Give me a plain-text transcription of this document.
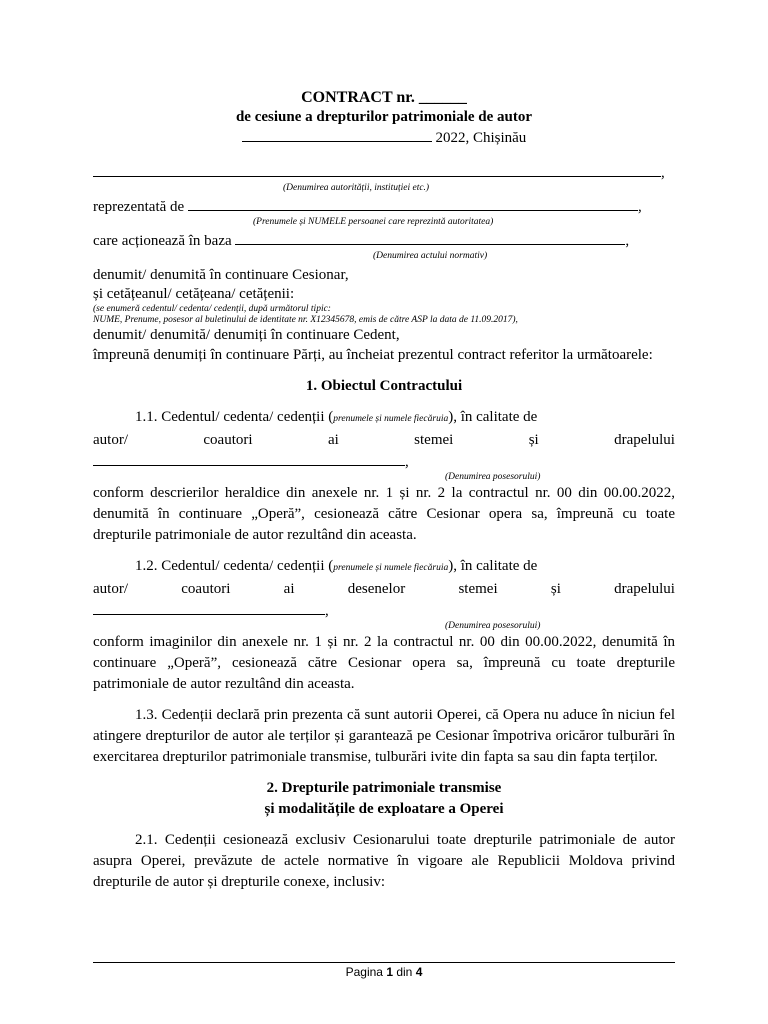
CONTRACT nr. ______
de cesiune a drepturilor patrimoniale de autor
2022, Chișinău
,
(Denumirea autorității, instituției etc.)
reprezentată de	,
(Prenumele și NUMELE persoanei care reprezintă autoritatea)
care acționează în baza	,
(Denumirea actului normativ)
denumit/ denumită în continuare Cesionar,
și cetățeanul/ cetățeana/ cetățenii:
(se enumeră cedentul/ cedenta/ cedenții, după următorul tipic:
NUME, Prenume, posesor al buletinului de identitate nr. X12345678, emis de către ASP la data de 11.09.2017),
denumit/ denumită/ denumiți în continuare Cedent,
împreună denumiți în continuare Părți, au încheiat prezentul contract referitor la următoarele:
1. Obiectul Contractului
1.1. Cedentul/ cedenta/ cedenții (prenumele și numele fiecăruia), în calitate de
autor/	coautori	ai	stemei	și	drapelului
,
(Denumirea posesorului)
conform descrierilor heraldice din anexele nr. 1 și nr. 2 la contractul nr. 00 din 00.00.2022, denumită în continuare „Operă”, cesionează către Cesionar opera sa, împreună cu toate drepturile patrimoniale de autor rezultând din aceasta.
1.2. Cedentul/ cedenta/ cedenții (prenumele și numele fiecăruia), în calitate de
autor/	coautori	ai	desenelor	stemei	și	drapelului
,
(Denumirea posesorului)
conform imaginilor din anexele nr. 1 și nr. 2 la contractul nr. 00 din 00.00.2022, denumită în continuare „Operă”, cesionează către Cesionar opera sa, împreună cu toate drepturile patrimoniale de autor rezultând din aceasta.
1.3. Cedenții declară prin prezenta că sunt autorii Operei, că Opera nu aduce în niciun fel atingere drepturilor de autor ale terților și garantează pe Cesionar împotriva oricăror tulburări în exercitarea drepturilor patrimoniale transmise, tulburări ivite din fapta sa sau din fapta terților.
2. Drepturile patrimoniale transmise
și modalitățile de exploatare a Operei
2.1. Cedenții cesionează exclusiv Cesionarului toate drepturile patrimoniale de autor asupra Operei, prevăzute de actele normative în vigoare ale Republicii Moldova privind drepturile de autor și drepturile conexe, inclusiv:
Pagina 1 din 4
